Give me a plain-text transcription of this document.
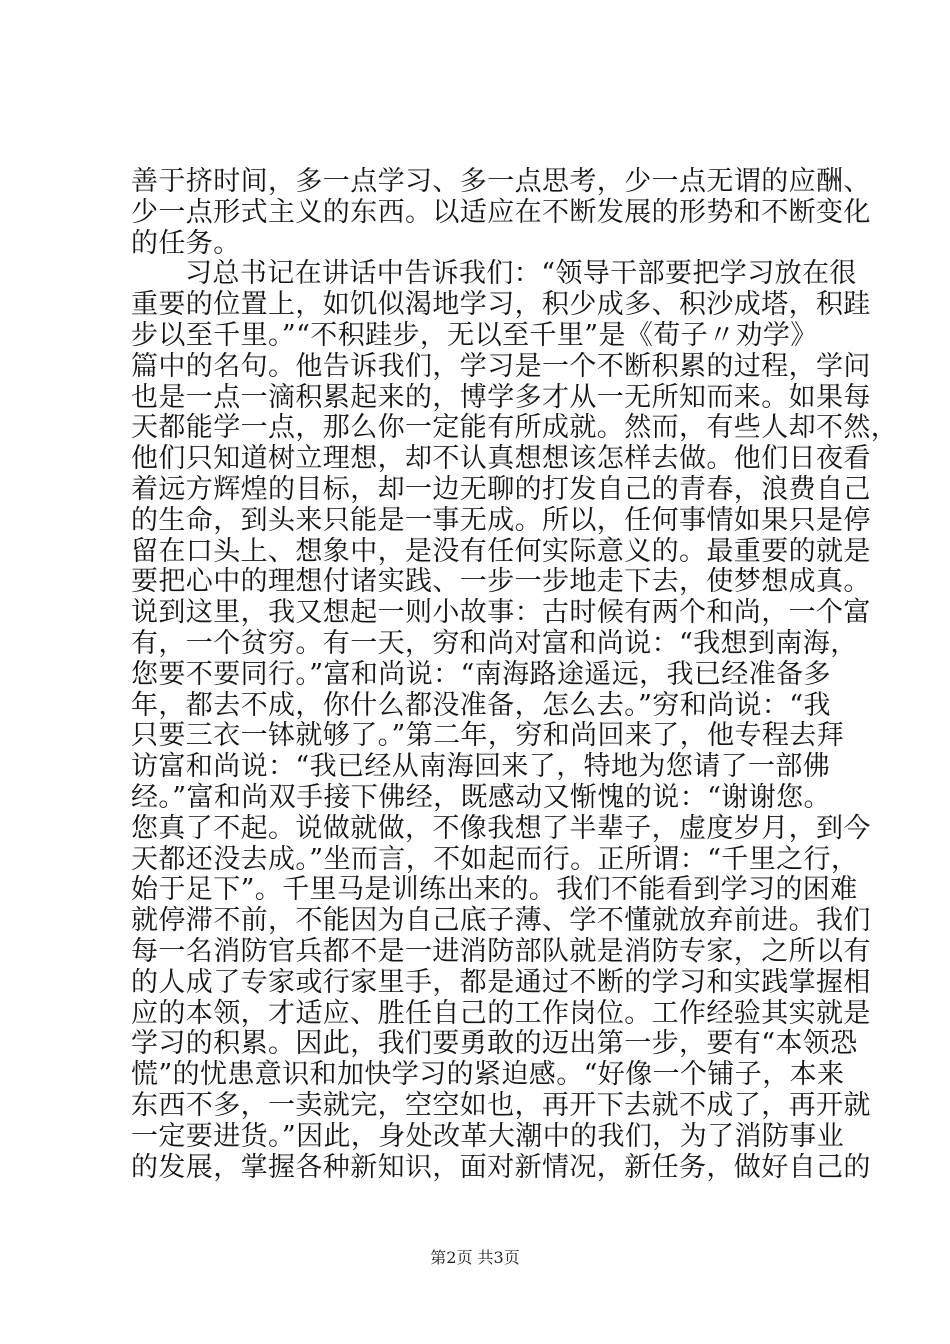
善于挤时间，多一点学习、多一点思考，少一点无谓的应酬、

少一点形式主义的东西。以适应在不断发展的形势和不断变化

的任务。

习总书记在讲话中告诉我们：“领导干部要把学习放在很

重要的位置上，如饥似渴地学习，积少成多、积沙成塔，积跬

步以至千里。”“不积跬步，无以至千里”是《荀子〃劝学》

篇中的名句。他告诉我们，学习是一个不断积累的过程，学问

也是一点一滴积累起来的，博学多才从一无所知而来。如果每

天都能学一点，那么你一定能有所成就。然而，有些人却不然，

他们只知道树立理想，却不认真想想该怎样去做。他们日夜看

着远方辉煌的目标，却一边无聊的打发自己的青春，浪费自己

的生命，到头来只能是一事无成。所以，任何事情如果只是停

留在口头上、想象中，是没有任何实际意义的。最重要的就是

要把心中的理想付诸实践、一步一步地走下去，使梦想成真。

说到这里，我又想起一则小故事：古时候有两个和尚，一个富

有，一个贫穷。有一天，穷和尚对富和尚说：“我想到南海，

您要不要同行。”富和尚说：“南海路途遥远，我已经准备多

年，都去不成，你什么都没准备，怎么去。”穷和尚说：“我

只要三衣一钵就够了。”第二年，穷和尚回来了，他专程去拜

访富和尚说：“我已经从南海回来了，特地为您请了一部佛

经。”富和尚双手接下佛经，既感动又惭愧的说：“谢谢您。

您真了不起。说做就做，不像我想了半辈子，虚度岁月，到今

天都还没去成。”坐而言，不如起而行。正所谓：“千里之行，

始于足下”。千里马是训练出来的。我们不能看到学习的困难

就停滞不前，不能因为自己底子薄、学不懂就放弃前进。我们

每一名消防官兵都不是一进消防部队就是消防专家，之所以有

的人成了专家或行家里手，都是通过不断的学习和实践掌握相

应的本领，才适应、胜任自己的工作岗位。工作经验其实就是

学习的积累。因此，我们要勇敢的迈出第一步，要有“本领恐

慌”的忧患意识和加快学习的紧迫感。“好像一个铺子，本来

东西不多，一卖就完，空空如也，再开下去就不成了，再开就

一定要进货。”因此，身处改革大潮中的我们，为了消防事业

的发展，掌握各种新知识，面对新情况，新任务，做好自己的

第2页 共3页
